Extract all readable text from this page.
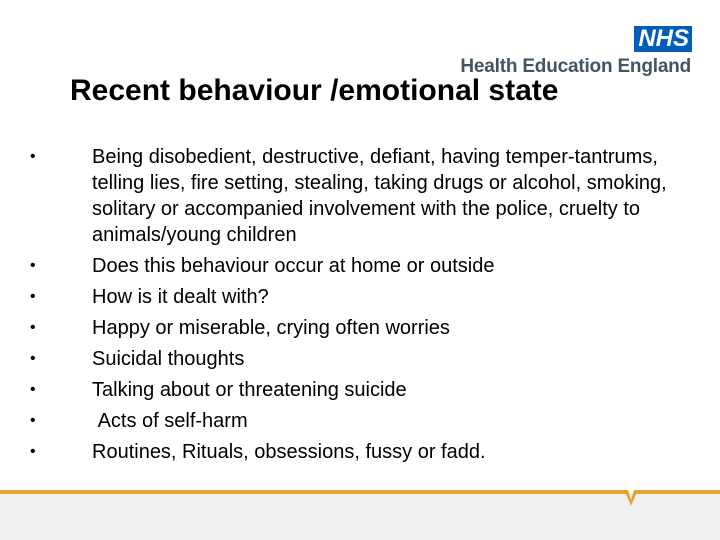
NHS
Health Education England
Recent behaviour /emotional state
•	Being disobedient, destructive, defiant, having temper-tantrums, telling lies, fire setting, stealing, taking drugs or alcohol, smoking, solitary or accompanied involvement with the police, cruelty to animals/young children
•	Does this behaviour occur at home or outside
•	How is it dealt with?
•	Happy or miserable, crying often worries
•	Suicidal thoughts
•	Talking about or threatening suicide
•	Acts of self-harm
•	Routines, Rituals, obsessions, fussy or fadd.
